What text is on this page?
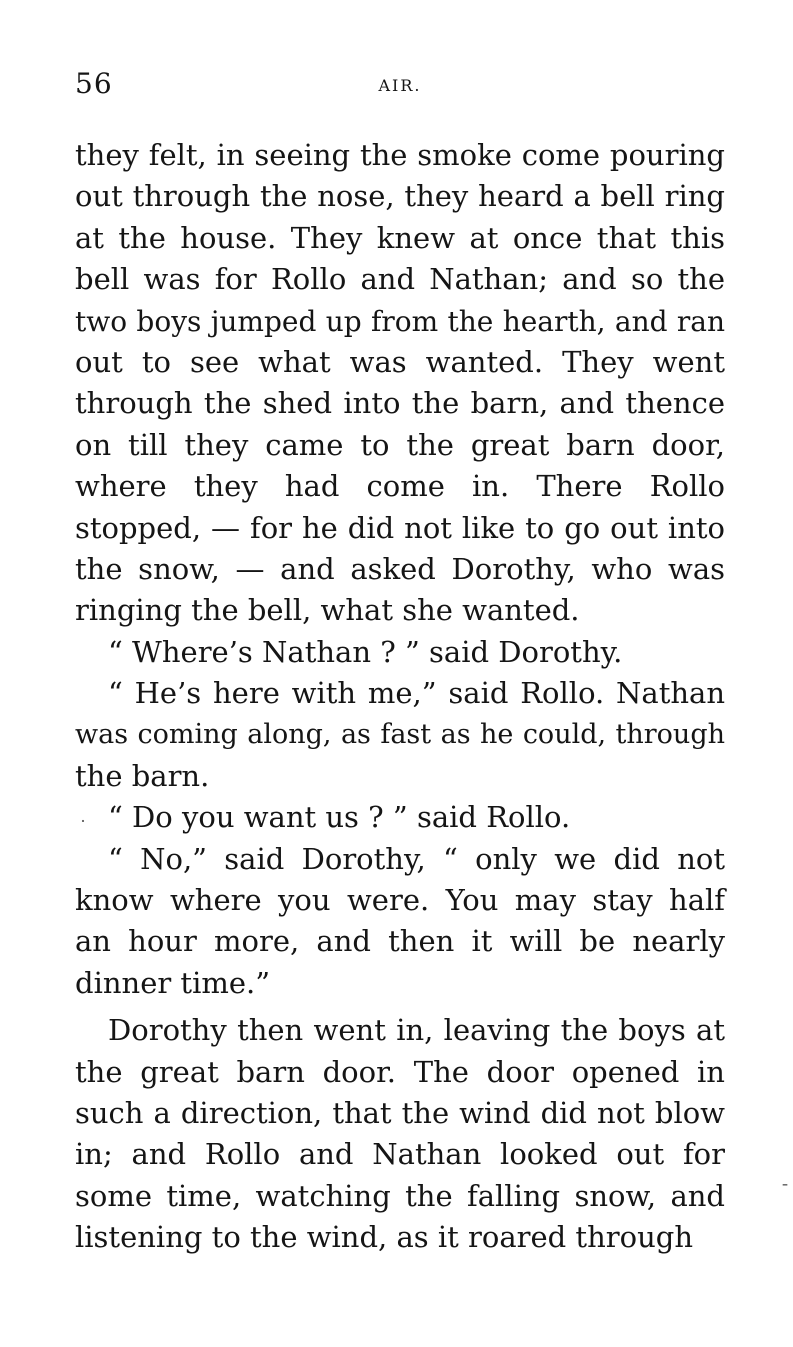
56	AIR.
they felt, in seeing the smoke come pouring
out through the nose, they heard a bell ring
at the house. They knew at once that this
bell was for Rollo and Nathan; and so the
two boys jumped up from the hearth, and ran
out to see what was wanted. They went
through the shed into the barn, and thence
on till they came to the great barn door,
where they had come in. There Rollo
stopped, — for he did not like to go out into
the snow, — and asked Dorothy, who was
ringing the bell, what she wanted.
“ Where’s Nathan ? ” said Dorothy.
“ He’s here with me,” said Rollo. Nathan
was coming along, as fast as he could, through
the barn.
“ Do you want us ? ” said Rollo.
“ No,” said Dorothy, “ only we did not
know where you were. You may stay half
an hour more, and then it will be nearly
dinner time.”
Dorothy then went in, leaving the boys at
the great barn door. The door opened in
such a direction, that the wind did not blow
in; and Rollo and Nathan looked out for
some time, watching the falling snow, and
listening to the wind, as it roared through
·
-
